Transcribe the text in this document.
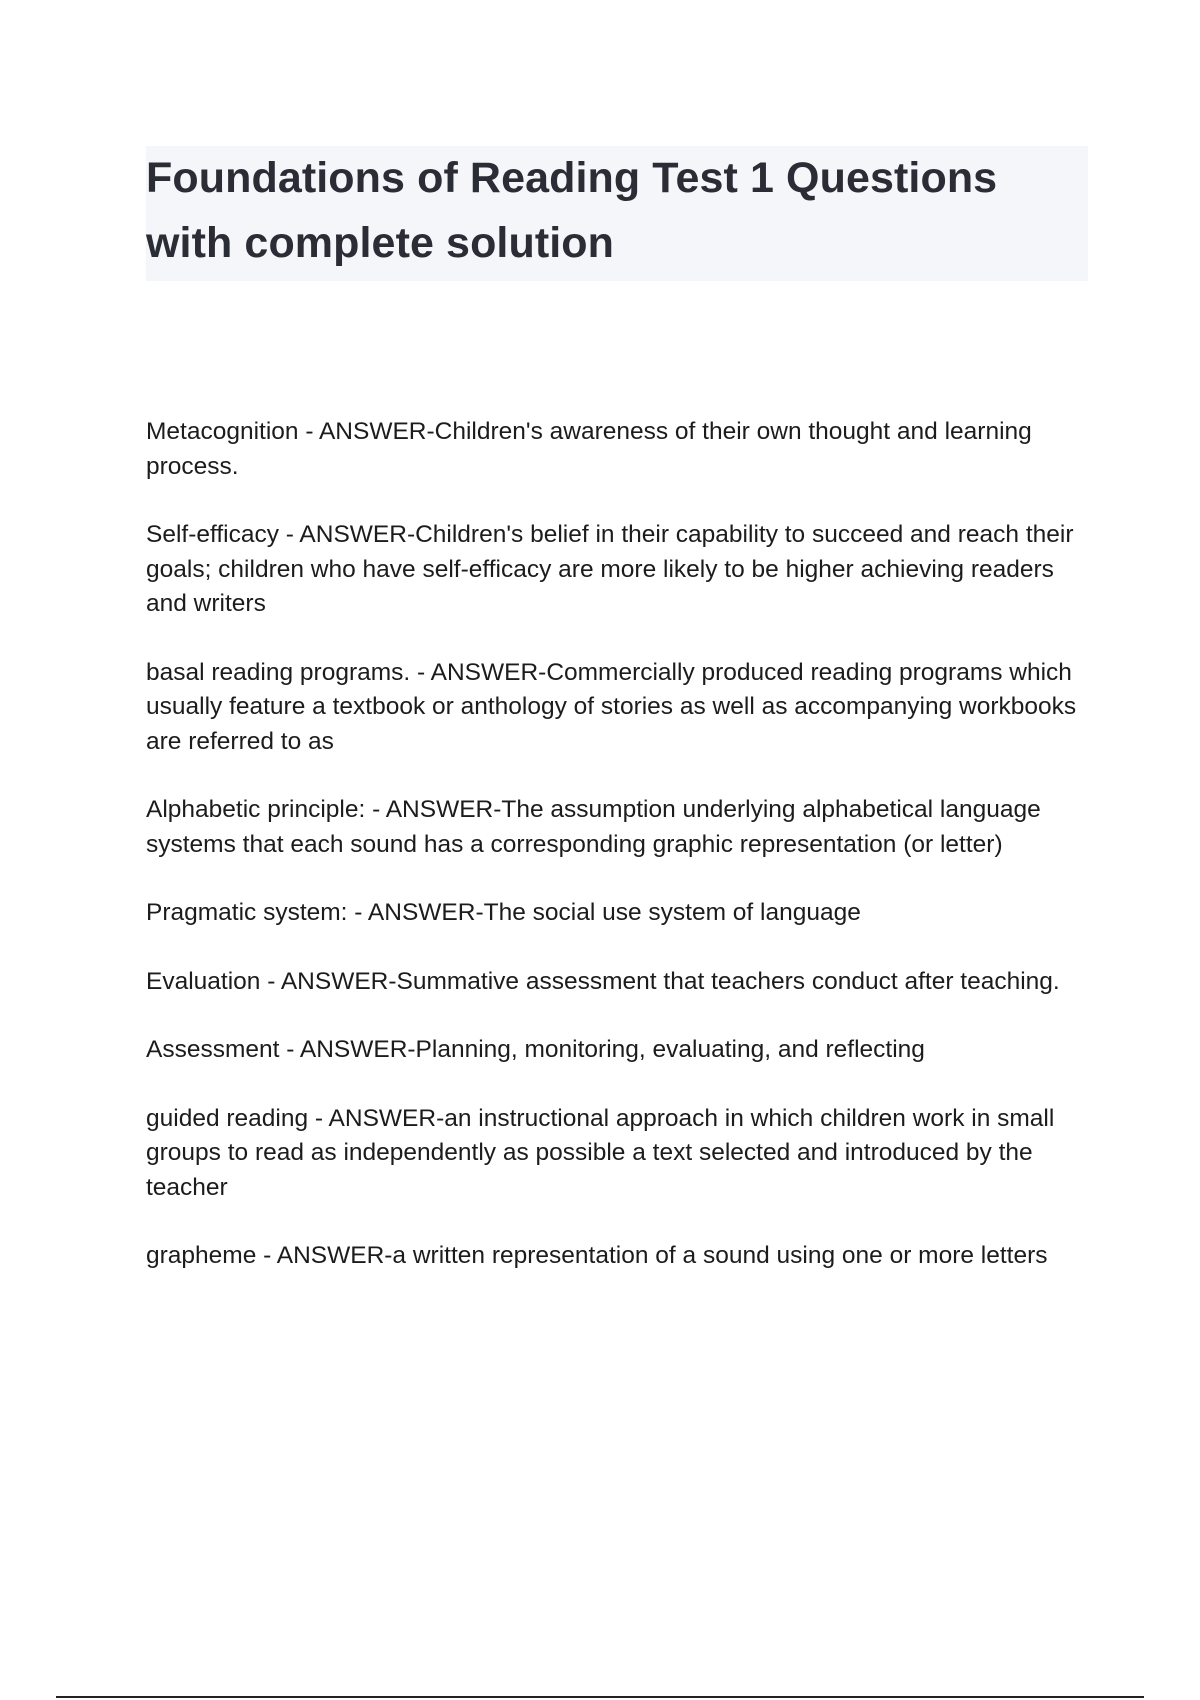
Foundations of Reading Test 1 Questions with complete solution

Metacognition - ANSWER-Children's awareness of their own thought and learning process.

Self-efficacy - ANSWER-Children's belief in their capability to succeed and reach their goals; children who have self-efficacy are more likely to be higher achieving readers and writers

basal reading programs. - ANSWER-Commercially produced reading programs which usually feature a textbook or anthology of stories as well as accompanying workbooks are referred to as

Alphabetic principle: - ANSWER-The assumption underlying alphabetical language systems that each sound has a corresponding graphic representation (or letter)

Pragmatic system: - ANSWER-The social use system of language

Evaluation - ANSWER-Summative assessment that teachers conduct after teaching.

Assessment - ANSWER-Planning, monitoring, evaluating, and reflecting

guided reading - ANSWER-an instructional approach in which children work in small groups to read as independently as possible a text selected and introduced by the teacher

grapheme - ANSWER-a written representation of a sound using one or more letters
